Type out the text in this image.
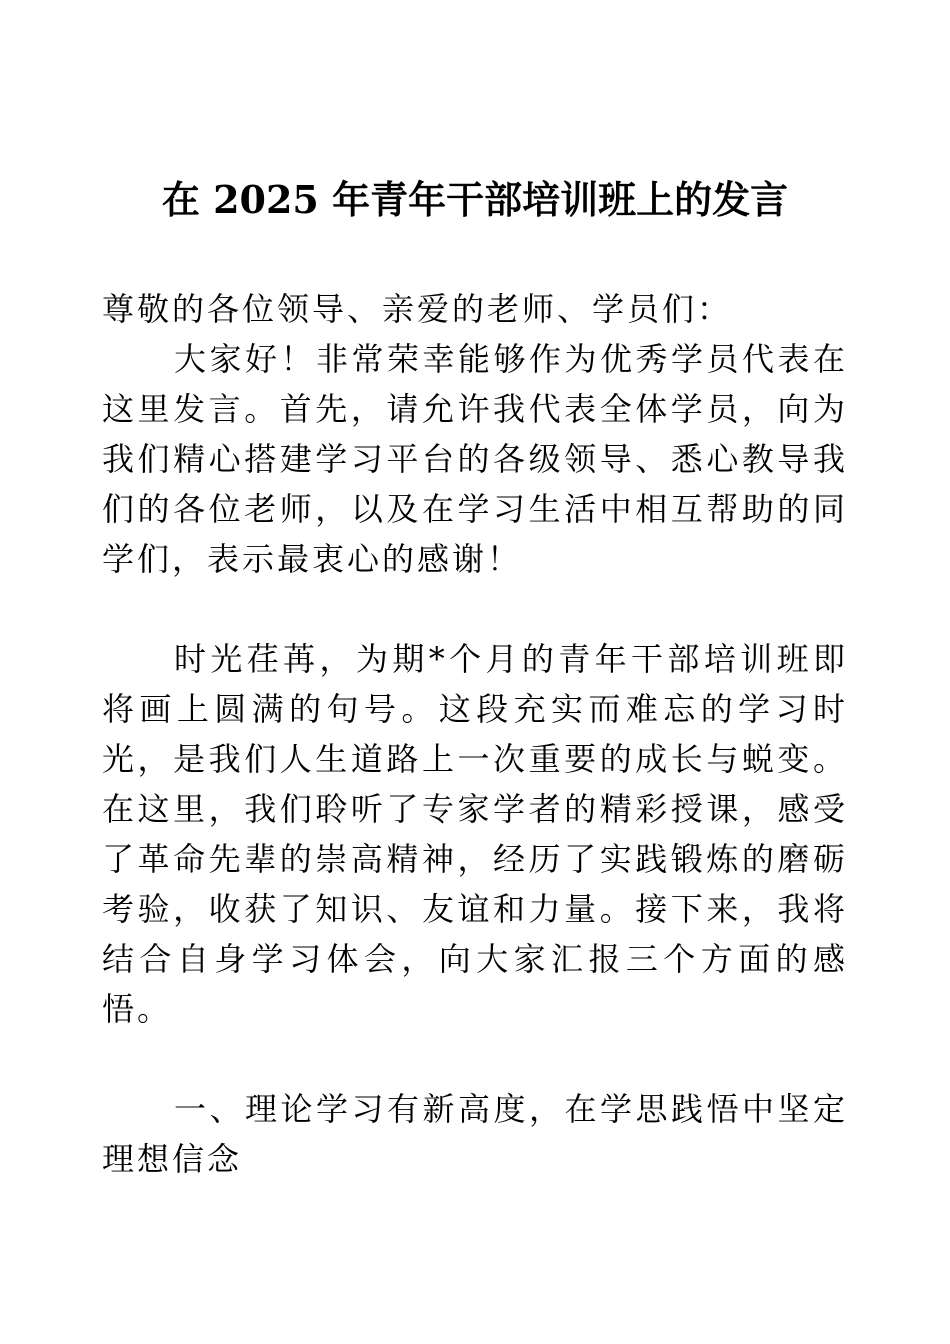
在 2025 年青年干部培训班上的发言

尊敬的各位领导、亲爱的老师、学员们：

大家好！非常荣幸能够作为优秀学员代表在这里发言。首先，请允许我代表全体学员，向为我们精心搭建学习平台的各级领导、悉心教导我们的各位老师，以及在学习生活中相互帮助的同学们，表示最衷心的感谢！

时光荏苒，为期*个月的青年干部培训班即将画上圆满的句号。这段充实而难忘的学习时光，是我们人生道路上一次重要的成长与蜕变。在这里，我们聆听了专家学者的精彩授课，感受了革命先辈的崇高精神，经历了实践锻炼的磨砺考验，收获了知识、友谊和力量。接下来，我将结合自身学习体会，向大家汇报三个方面的感悟。

一、理论学习有新高度，在学思践悟中坚定理想信念
